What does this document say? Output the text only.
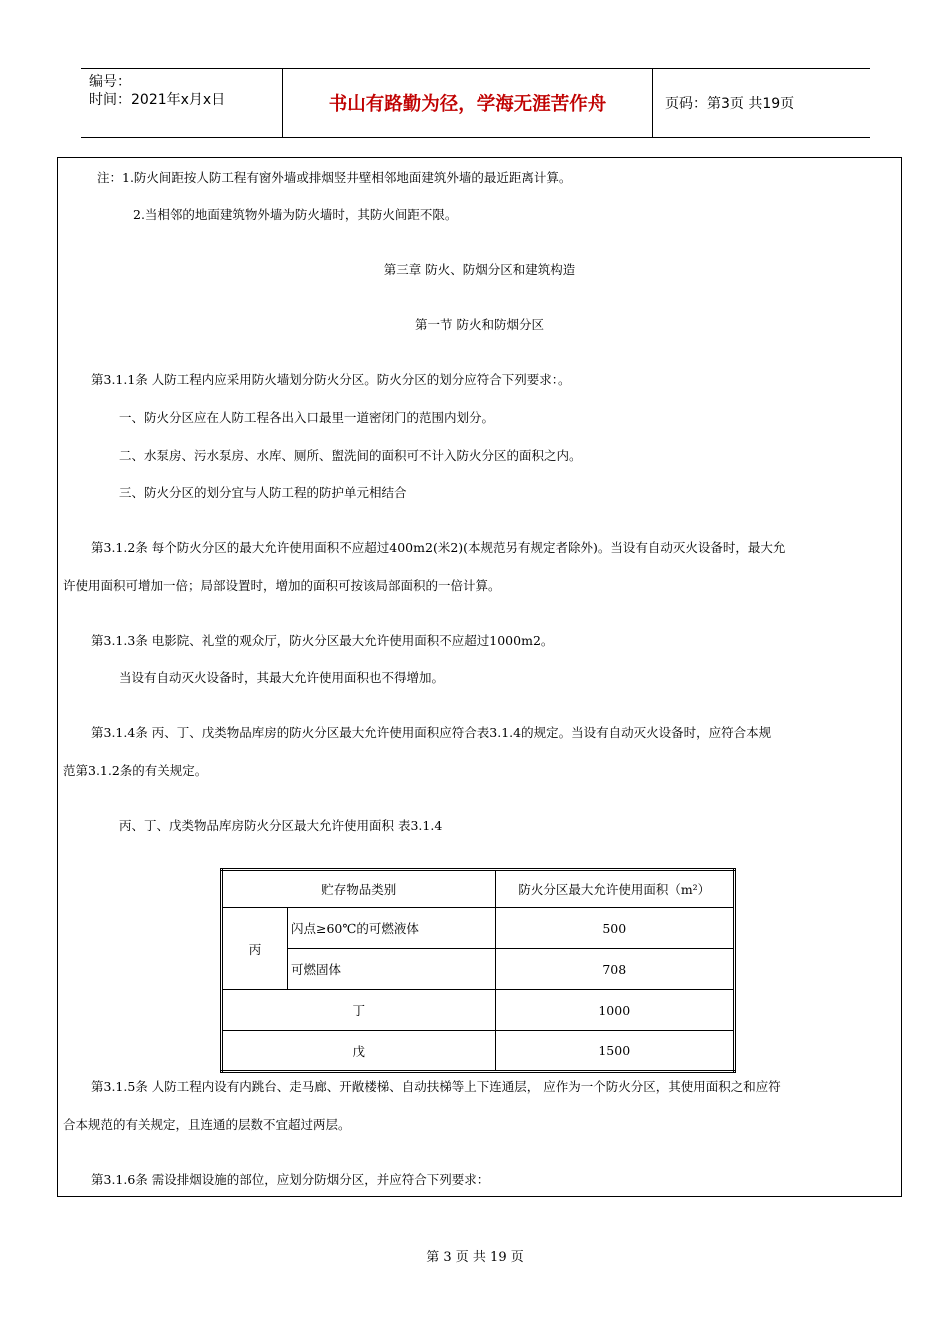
编号：
时间：2021年x月x日	书山有路勤为径，学海无涯苦作舟	页码：第3页 共19页
注：1.防火间距按人防工程有窗外墙或排烟竖井壁相邻地面建筑外墙的最近距离计算。
2.当相邻的地面建筑物外墙为防火墙时，其防火间距不限。
第三章 防火、防烟分区和建筑构造
第一节 防火和防烟分区
第3.1.1条 人防工程内应采用防火墙划分防火分区。防火分区的划分应符合下列要求：。
一、防火分区应在人防工程各出入口最里一道密闭门的范围内划分。
二、水泵房、污水泵房、水库、厕所、盥洗间的面积可不计入防火分区的面积之内。
三、防火分区的划分宜与人防工程的防护单元相结合
第3.1.2条 每个防火分区的最大允许使用面积不应超过400m2(米2)(本规范另有规定者除外)。当设有自动灭火设备时，最大允
许使用面积可增加一倍；局部设置时，增加的面积可按该局部面积的一倍计算。
第3.1.3条 电影院、礼堂的观众厅，防火分区最大允许使用面积不应超过1000m2。
当设有自动灭火设备时，其最大允许使用面积也不得增加。
第3.1.4条 丙、丁、戊类物品库房的防火分区最大允许使用面积应符合表3.1.4的规定。当设有自动灭火设备时，应符合本规
范第3.1.2条的有关规定。
丙、丁、戊类物品库房防火分区最大允许使用面积 表3.1.4
贮存物品类别		防火分区最大允许使用面积（m²）
丙	闪点≥60℃的可燃液体	500
	可燃固体	708
丁		1000
戊		1500
第3.1.5条 人防工程内设有内跳台、走马廊、开敞楼梯、自动扶梯等上下连通层， 应作为一个防火分区，其使用面积之和应符
合本规范的有关规定，且连通的层数不宜超过两层。
第3.1.6条 需设排烟设施的部位，应划分防烟分区，并应符合下列要求：
第 3 页 共 19 页
